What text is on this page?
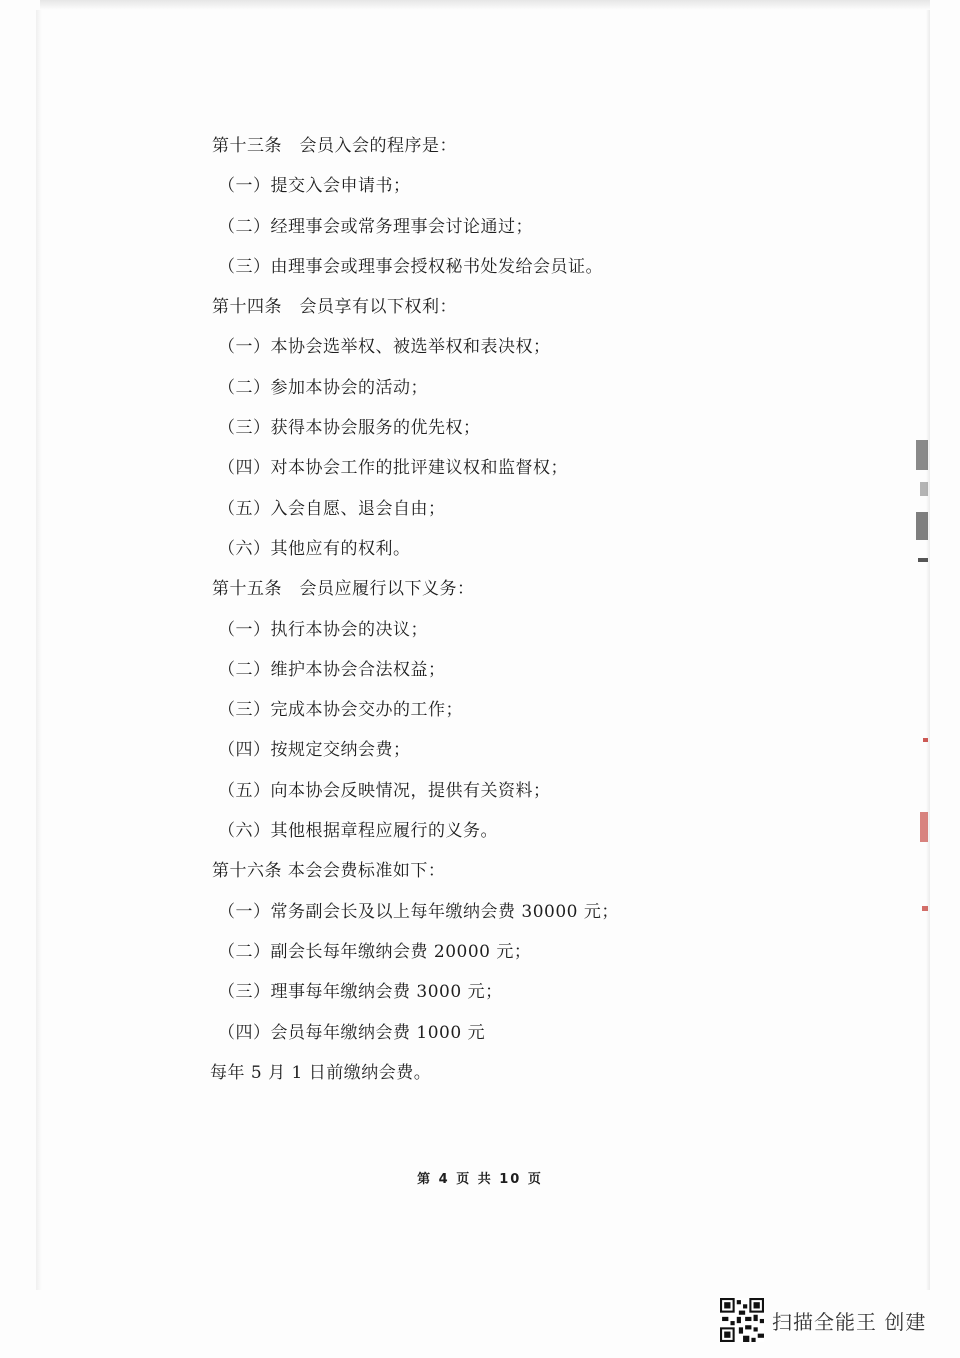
第十三条　会员入会的程序是：
（一）提交入会申请书；
（二）经理事会或常务理事会讨论通过；
（三）由理事会或理事会授权秘书处发给会员证。
第十四条　会员享有以下权利：
（一）本协会选举权、被选举权和表决权；
（二）参加本协会的活动；
（三）获得本协会服务的优先权；
（四）对本协会工作的批评建议权和监督权；
（五）入会自愿、退会自由；
（六）其他应有的权利。
第十五条　会员应履行以下义务：
（一）执行本协会的决议；
（二）维护本协会合法权益；
（三）完成本协会交办的工作；
（四）按规定交纳会费；
（五）向本协会反映情况，提供有关资料；
（六）其他根据章程应履行的义务。
第十六条 本会会费标准如下：
（一）常务副会长及以上每年缴纳会费 30000 元；
（二）副会长每年缴纳会费 20000 元；
（三）理事每年缴纳会费 3000 元；
（四）会员每年缴纳会费 1000 元
每年 5 月 1 日前缴纳会费。
第 4 页 共 10 页
扫描全能王 创建
